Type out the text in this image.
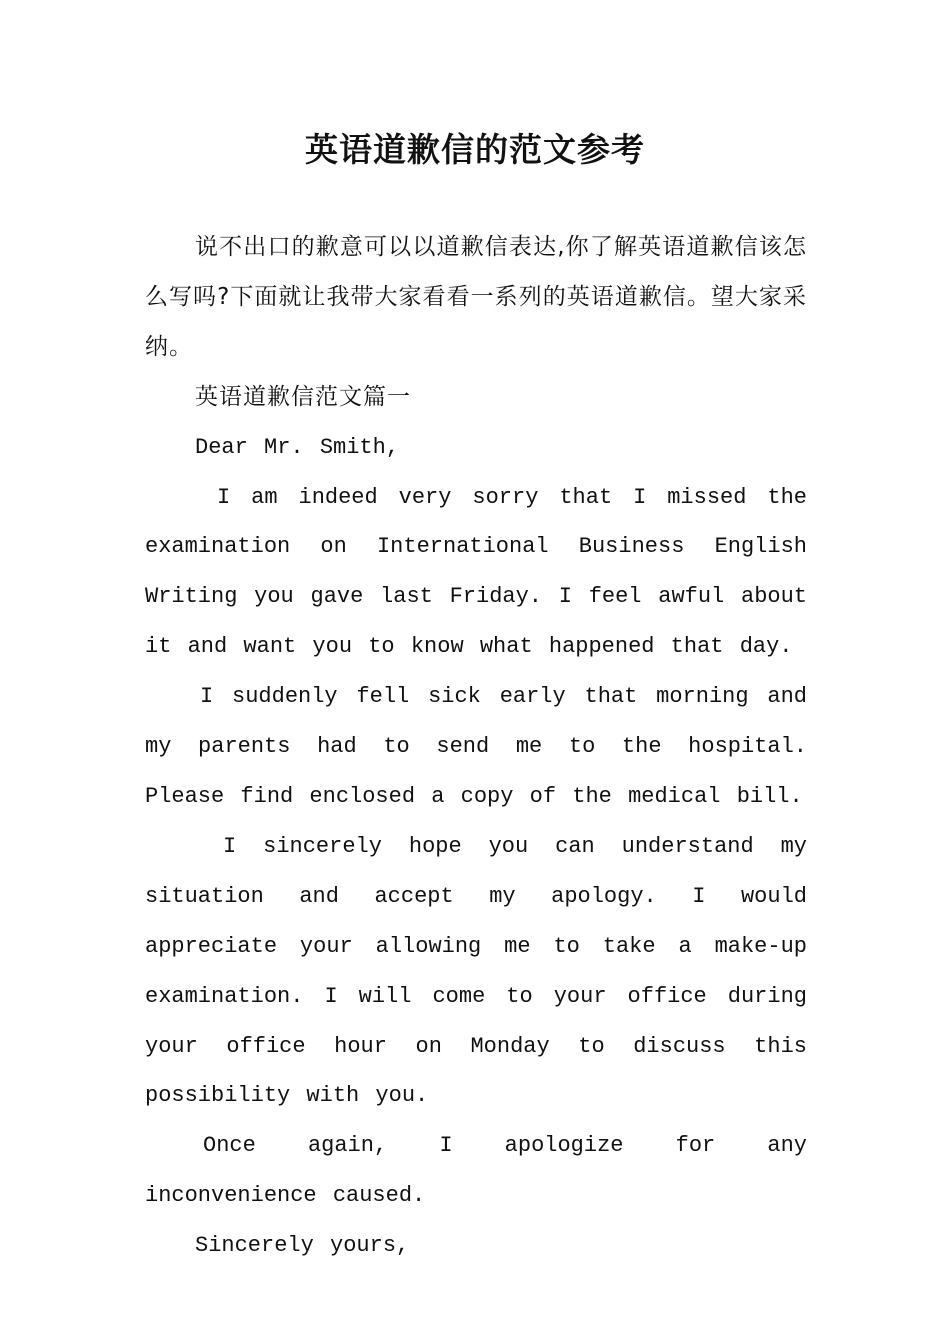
英语道歉信的范文参考

说不出口的歉意可以以道歉信表达,你了解英语道歉信该怎么写吗?下面就让我带大家看看一系列的英语道歉信。望大家采纳。

英语道歉信范文篇一

Dear Mr. Smith,

I am indeed very sorry that I missed the examination on International Business English Writing you gave last Friday. I feel awful about it and want you to know what happened that day.

I suddenly fell sick early that morning and my parents had to send me to the hospital. Please find enclosed a copy of the medical bill.

I sincerely hope you can understand my situation and accept my apology. I would appreciate your allowing me to take a make-up examination. I will come to your office during your office hour on Monday to discuss this possibility with you.

Once again, I apologize for any inconvenience caused.

Sincerely yours,
